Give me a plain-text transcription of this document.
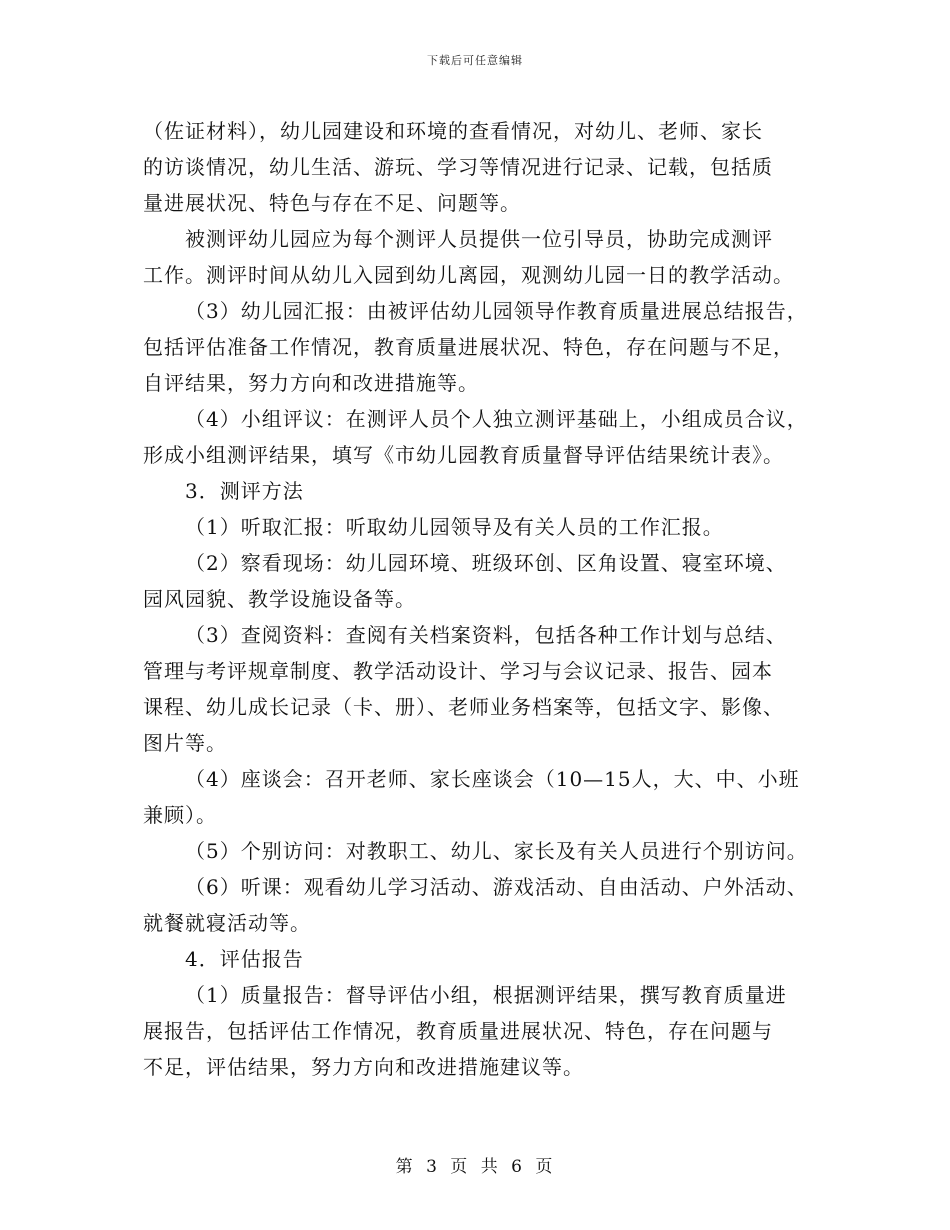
下载后可任意编辑
（佐证材料），幼儿园建设和环境的查看情况，对幼儿、老师、家长
的访谈情况，幼儿生活、游玩、学习等情况进行记录、记载，包括质
量进展状况、特色与存在不足、问题等。
被测评幼儿园应为每个测评人员提供一位引导员，协助完成测评
工作。测评时间从幼儿入园到幼儿离园，观测幼儿园一日的教学活动。
（3）幼儿园汇报：由被评估幼儿园领导作教育质量进展总结报告，
包括评估准备工作情况，教育质量进展状况、特色，存在问题与不足，
自评结果，努力方向和改进措施等。
（4）小组评议：在测评人员个人独立测评基础上，小组成员合议，
形成小组测评结果，填写《市幼儿园教育质量督导评估结果统计表》。
3．测评方法
（1）听取汇报：听取幼儿园领导及有关人员的工作汇报。
（2）察看现场：幼儿园环境、班级环创、区角设置、寝室环境、
园风园貌、教学设施设备等。
（3）查阅资料：查阅有关档案资料，包括各种工作计划与总结、
管理与考评规章制度、教学活动设计、学习与会议记录、报告、园本
课程、幼儿成长记录（卡、册）、老师业务档案等，包括文字、影像、
图片等。
（4）座谈会：召开老师、家长座谈会（10—15人，大、中、小班
兼顾）。
（5）个别访问：对教职工、幼儿、家长及有关人员进行个别访问。
（6）听课：观看幼儿学习活动、游戏活动、自由活动、户外活动、
就餐就寝活动等。
4．评估报告
（1）质量报告：督导评估小组，根据测评结果，撰写教育质量进
展报告，包括评估工作情况，教育质量进展状况、特色，存在问题与
不足，评估结果，努力方向和改进措施建议等。
第 3 页 共 6 页
